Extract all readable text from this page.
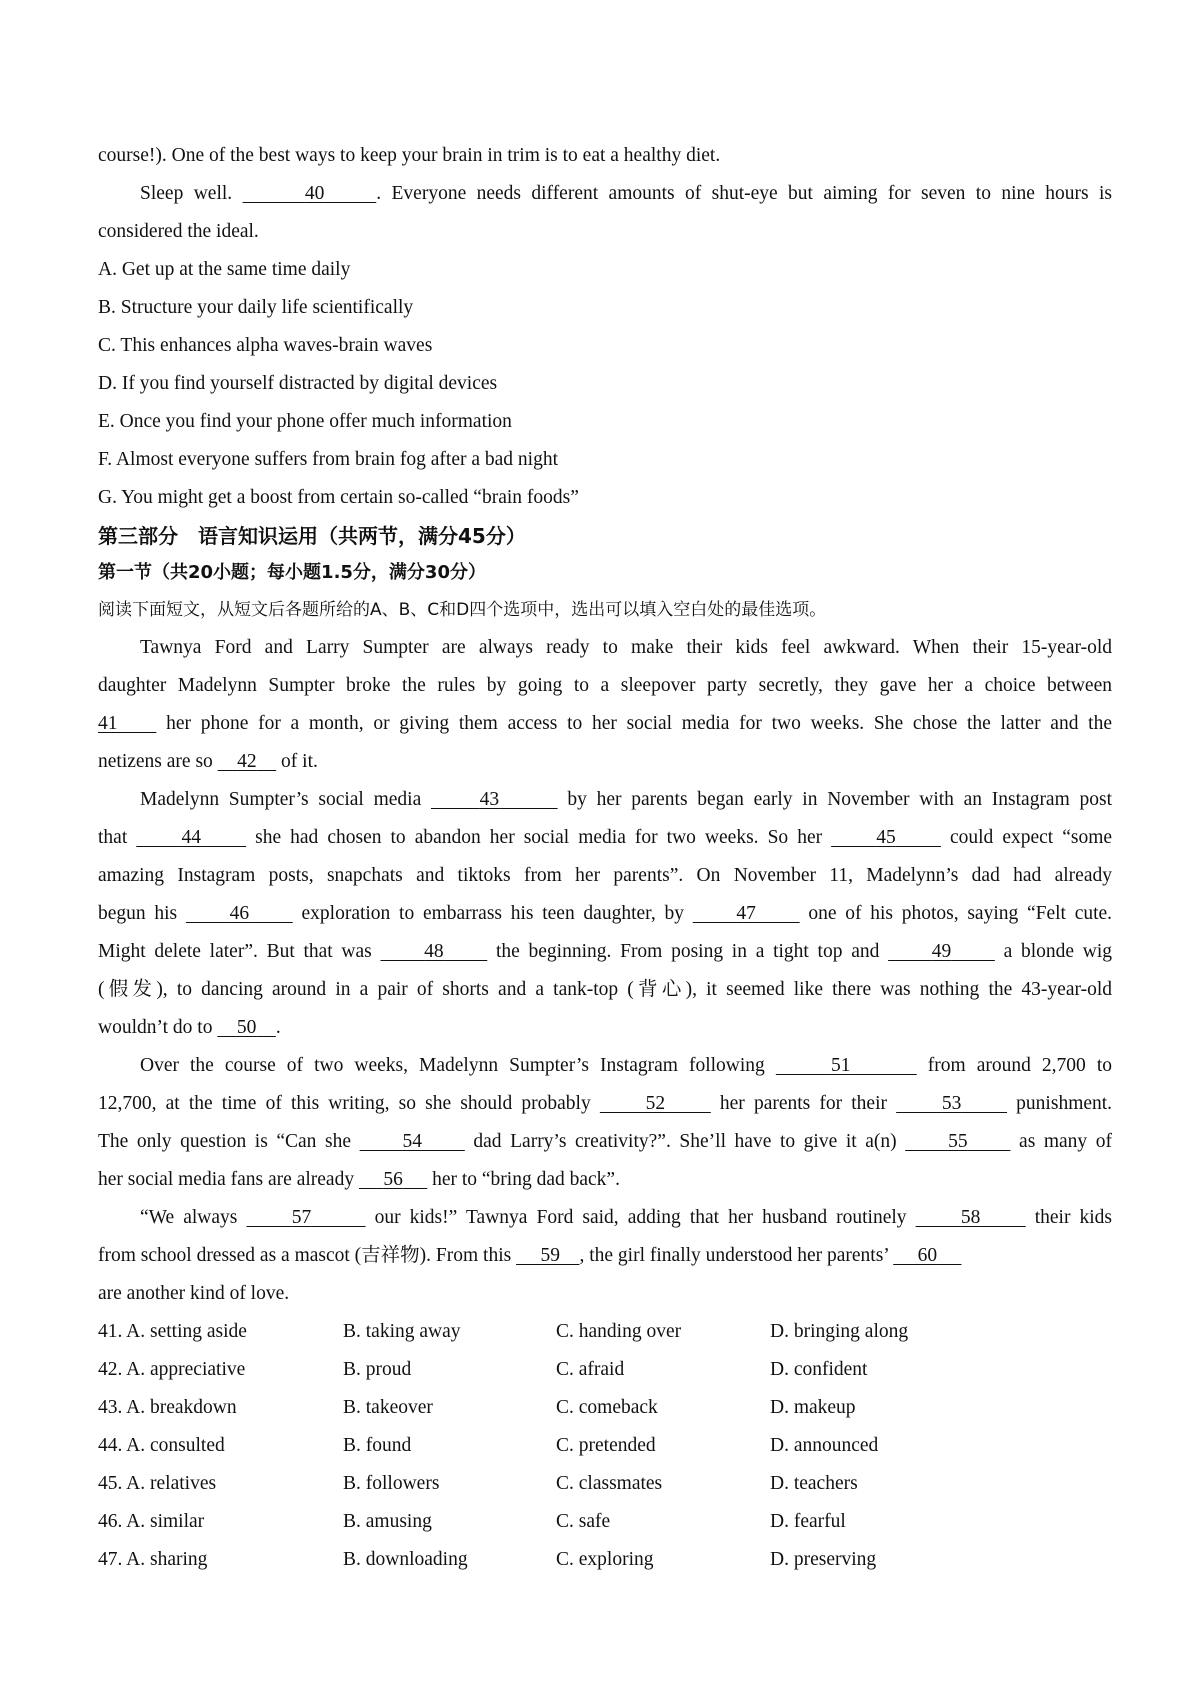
course!). One of the best ways to keep your brain in trim is to eat a healthy diet.
Sleep well.	40	. Everyone needs different amounts of shut-eye but aiming for seven to nine hours is
considered the ideal.
A. Get up at the same time daily
B. Structure your daily life scientifically
C. This enhances alpha waves-brain waves
D. If you find yourself distracted by digital devices
E. Once you find your phone offer much information
F. Almost everyone suffers from brain fog after a bad night
G. You might get a boost from certain so-called “brain foods”
第三部分　语言知识运用（共两节，满分45分）
第一节（共20小题；每小题1.5分，满分30分）
阅读下面短文，从短文后各题所给的A、B、C和D四个选项中，选出可以填入空白处的最佳选项。
Tawnya Ford and Larry Sumpter are always ready to make their kids feel awkward. When their 15-year-old
daughter Madelynn Sumpter broke the rules by going to a sleepover party secretly, they gave her a choice between
41     her phone for a month, or giving them access to her social media for two weeks. She chose the latter and the
netizens are so     42     of it.
Madelynn Sumpter’s social media      43	by her parents began early in November with an Instagram post
that      44      she had chosen to abandon her social media for two weeks. So her      45      could expect “some
amazing Instagram posts, snapchats and tiktoks from her parents”. On November 11, Madelynn’s dad had already
begun his      46      exploration to embarrass his teen daughter, by      47      one of his photos, saying “Felt cute.
Might delete later”. But that was      48      the beginning. From posing in a tight top and      49      a blonde wig
(假发), to dancing around in a pair of shorts and a tank-top (背心), it seemed like there was nothing the 43-year-old
wouldn’t do to     50 .
Over the course of two weeks, Madelynn Sumpter’s Instagram following	51	from around 2,700 to
12,700, at the time of this writing, so she should probably      52      her parents for their      53      punishment.
The only question is “Can she      54      dad Larry’s creativity?”. She’ll have to give it a(n)      55      as many of
her social media fans are already      56      her to “bring dad back”.
“We always      57	our kids!” Tawnya Ford said, adding that her husband routinely      58      their kids
from school dressed as a mascot (吉祥物). From this      59 , the girl finally understood her parents’      60
are another kind of love.
41. A. setting aside	B. taking away	C. handing over	D. bringing along
42. A. appreciative	B. proud	C. afraid	D. confident
43. A. breakdown	B. takeover	C. comeback	D. makeup
44. A. consulted	B. found	C. pretended	D. announced
45. A. relatives	B. followers	C. classmates	D. teachers
46. A. similar	B. amusing	C. safe	D. fearful
47. A. sharing	B. downloading	C. exploring	D. preserving
